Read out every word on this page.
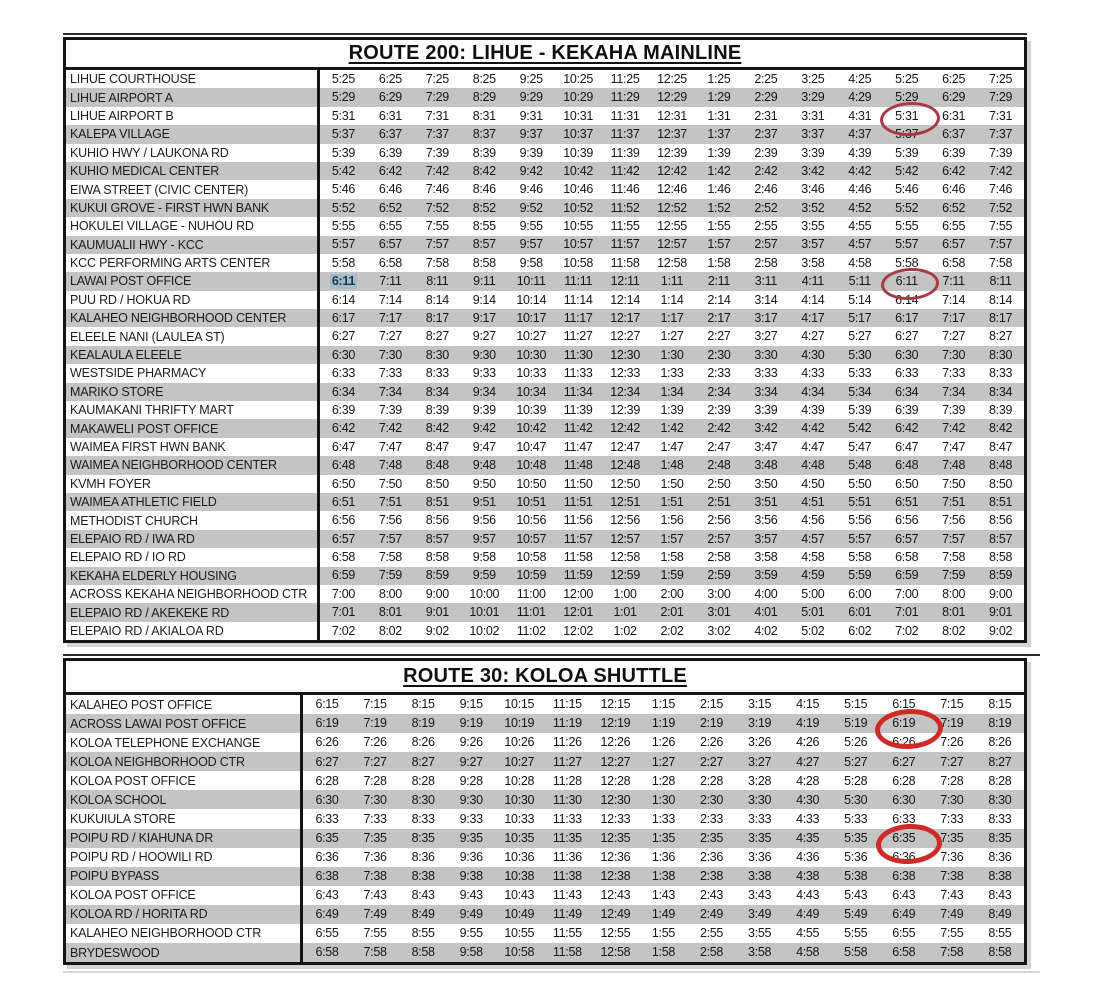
ROUTE 200: LIHUE - KEKAHA MAINLINE
LIHUE COURTHOUSE	5:25 6:25 7:25 8:25 9:25 10:25 11:25 12:25 1:25 2:25 3:25 4:25 5:25 6:25 7:25
LIHUE AIRPORT A	5:29 6:29 7:29 8:29 9:29 10:29 11:29 12:29 1:29 2:29 3:29 4:29 5:29 6:29 7:29
LIHUE AIRPORT B	5:31 6:31 7:31 8:31 9:31 10:31 11:31 12:31 1:31 2:31 3:31 4:31 5:31 6:31 7:31
KALEPA VILLAGE	5:37 6:37 7:37 8:37 9:37 10:37 11:37 12:37 1:37 2:37 3:37 4:37 5:37 6:37 7:37
KUHIO HWY / LAUKONA RD	5:39 6:39 7:39 8:39 9:39 10:39 11:39 12:39 1:39 2:39 3:39 4:39 5:39 6:39 7:39
KUHIO MEDICAL CENTER	5:42 6:42 7:42 8:42 9:42 10:42 11:42 12:42 1:42 2:42 3:42 4:42 5:42 6:42 7:42
EIWA STREET (CIVIC CENTER)	5:46 6:46 7:46 8:46 9:46 10:46 11:46 12:46 1:46 2:46 3:46 4:46 5:46 6:46 7:46
KUKUI GROVE - FIRST HWN BANK	5:52 6:52 7:52 8:52 9:52 10:52 11:52 12:52 1:52 2:52 3:52 4:52 5:52 6:52 7:52
HOKULEI VILLAGE - NUHOU RD	5:55 6:55 7:55 8:55 9:55 10:55 11:55 12:55 1:55 2:55 3:55 4:55 5:55 6:55 7:55
KAUMUALII HWY - KCC	5:57 6:57 7:57 8:57 9:57 10:57 11:57 12:57 1:57 2:57 3:57 4:57 5:57 6:57 7:57
KCC PERFORMING ARTS CENTER	5:58 6:58 7:58 8:58 9:58 10:58 11:58 12:58 1:58 2:58 3:58 4:58 5:58 6:58 7:58
LAWAI POST OFFICE	6:11 7:11 8:11 9:11 10:11 11:11 12:11 1:11 2:11 3:11 4:11 5:11 6:11 7:11 8:11
PUU RD / HOKUA RD	6:14 7:14 8:14 9:14 10:14 11:14 12:14 1:14 2:14 3:14 4:14 5:14 6:14 7:14 8:14
KALAHEO NEIGHBORHOOD CENTER	6:17 7:17 8:17 9:17 10:17 11:17 12:17 1:17 2:17 3:17 4:17 5:17 6:17 7:17 8:17
ELEELE NANI (LAULEA ST)	6:27 7:27 8:27 9:27 10:27 11:27 12:27 1:27 2:27 3:27 4:27 5:27 6:27 7:27 8:27
KEALAULA ELEELE	6:30 7:30 8:30 9:30 10:30 11:30 12:30 1:30 2:30 3:30 4:30 5:30 6:30 7:30 8:30
WESTSIDE PHARMACY	6:33 7:33 8:33 9:33 10:33 11:33 12:33 1:33 2:33 3:33 4:33 5:33 6:33 7:33 8:33
MARIKO STORE	6:34 7:34 8:34 9:34 10:34 11:34 12:34 1:34 2:34 3:34 4:34 5:34 6:34 7:34 8:34
KAUMAKANI THRIFTY MART	6:39 7:39 8:39 9:39 10:39 11:39 12:39 1:39 2:39 3:39 4:39 5:39 6:39 7:39 8:39
MAKAWELI POST OFFICE	6:42 7:42 8:42 9:42 10:42 11:42 12:42 1:42 2:42 3:42 4:42 5:42 6:42 7:42 8:42
WAIMEA FIRST HWN BANK	6:47 7:47 8:47 9:47 10:47 11:47 12:47 1:47 2:47 3:47 4:47 5:47 6:47 7:47 8:47
WAIMEA NEIGHBORHOOD CENTER	6:48 7:48 8:48 9:48 10:48 11:48 12:48 1:48 2:48 3:48 4:48 5:48 6:48 7:48 8:48
KVMH FOYER	6:50 7:50 8:50 9:50 10:50 11:50 12:50 1:50 2:50 3:50 4:50 5:50 6:50 7:50 8:50
WAIMEA ATHLETIC FIELD	6:51 7:51 8:51 9:51 10:51 11:51 12:51 1:51 2:51 3:51 4:51 5:51 6:51 7:51 8:51
METHODIST CHURCH	6:56 7:56 8:56 9:56 10:56 11:56 12:56 1:56 2:56 3:56 4:56 5:56 6:56 7:56 8:56
ELEPAIO RD / IWA RD	6:57 7:57 8:57 9:57 10:57 11:57 12:57 1:57 2:57 3:57 4:57 5:57 6:57 7:57 8:57
ELEPAIO RD / IO RD	6:58 7:58 8:58 9:58 10:58 11:58 12:58 1:58 2:58 3:58 4:58 5:58 6:58 7:58 8:58
KEKAHA ELDERLY HOUSING	6:59 7:59 8:59 9:59 10:59 11:59 12:59 1:59 2:59 3:59 4:59 5:59 6:59 7:59 8:59
ACROSS KEKAHA NEIGHBORHOOD CTR	7:00 8:00 9:00 10:00 11:00 12:00 1:00 2:00 3:00 4:00 5:00 6:00 7:00 8:00 9:00
ELEPAIO RD / AKEKEKE RD	7:01 8:01 9:01 10:01 11:01 12:01 1:01 2:01 3:01 4:01 5:01 6:01 7:01 8:01 9:01
ELEPAIO RD / AKIALOA RD	7:02 8:02 9:02 10:02 11:02 12:02 1:02 2:02 3:02 4:02 5:02 6:02 7:02 8:02 9:02
ROUTE 30: KOLOA SHUTTLE
KALAHEO POST OFFICE	6:15 7:15 8:15 9:15 10:15 11:15 12:15 1:15 2:15 3:15 4:15 5:15 6:15 7:15 8:15
ACROSS LAWAI POST OFFICE	6:19 7:19 8:19 9:19 10:19 11:19 12:19 1:19 2:19 3:19 4:19 5:19 6:19 7:19 8:19
KOLOA TELEPHONE EXCHANGE	6:26 7:26 8:26 9:26 10:26 11:26 12:26 1:26 2:26 3:26 4:26 5:26 6:26 7:26 8:26
KOLOA NEIGHBORHOOD CTR	6:27 7:27 8:27 9:27 10:27 11:27 12:27 1:27 2:27 3:27 4:27 5:27 6:27 7:27 8:27
KOLOA POST OFFICE	6:28 7:28 8:28 9:28 10:28 11:28 12:28 1:28 2:28 3:28 4:28 5:28 6:28 7:28 8:28
KOLOA SCHOOL	6:30 7:30 8:30 9:30 10:30 11:30 12:30 1:30 2:30 3:30 4:30 5:30 6:30 7:30 8:30
KUKUIULA STORE	6:33 7:33 8:33 9:33 10:33 11:33 12:33 1:33 2:33 3:33 4:33 5:33 6:33 7:33 8:33
POIPU RD / KIAHUNA DR	6:35 7:35 8:35 9:35 10:35 11:35 12:35 1:35 2:35 3:35 4:35 5:35 6:35 7:35 8:35
POIPU RD / HOOWILI RD	6:36 7:36 8:36 9:36 10:36 11:36 12:36 1:36 2:36 3:36 4:36 5:36 6:36 7:36 8:36
POIPU BYPASS	6:38 7:38 8:38 9:38 10:38 11:38 12:38 1:38 2:38 3:38 4:38 5:38 6:38 7:38 8:38
KOLOA POST OFFICE	6:43 7:43 8:43 9:43 10:43 11:43 12:43 1:43 2:43 3:43 4:43 5:43 6:43 7:43 8:43
KOLOA RD / HORITA RD	6:49 7:49 8:49 9:49 10:49 11:49 12:49 1:49 2:49 3:49 4:49 5:49 6:49 7:49 8:49
KALAHEO NEIGHBORHOOD CTR	6:55 7:55 8:55 9:55 10:55 11:55 12:55 1:55 2:55 3:55 4:55 5:55 6:55 7:55 8:55
BRYDESWOOD	6:58 7:58 8:58 9:58 10:58 11:58 12:58 1:58 2:58 3:58 4:58 5:58 6:58 7:58 8:58
